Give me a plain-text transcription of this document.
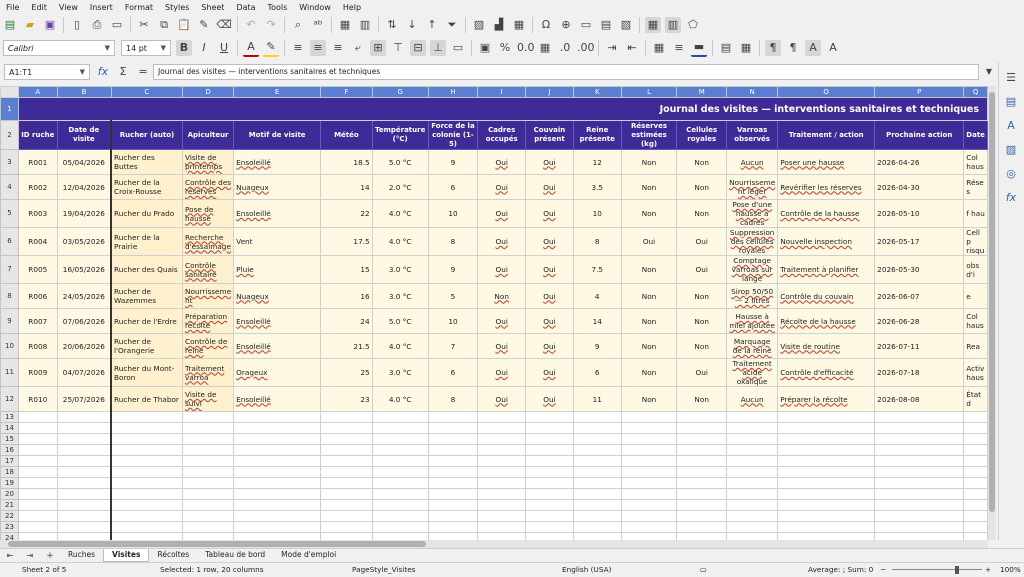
File	Edit	View	Insert	Format	Styles	Sheet	Data	Tools	Window	Help
▤ ▰ ▣	▯	⎙ ▭	✂	⧉ 📋 ✎ ⌫	↶ ↷	⌕	ᵃᵇ	▦ ▥	⇅ ↓ ↑ ⏷	▨ ▟ ▦	Ω	⊕ ▭ ▤ ▧ ▦ ▥ ⬠
Calibri	▼ 14 pt ▼	B	I	U	A	✎	≡ ≡ ≡	⤶	⊞ ⊤ ⊟ ⊥ ▭ ▣ % 0.0 ▦ .0 .00	⇥ ⇤	▦ ≡ ▬ ▤ ▦	¶	¶	A	A
A1:T1	▼ fx	Σ	=	Journal des visites — interventions sanitaires et techniques	▼
	A	B	C	D	E	F	G	H	I	J	K	L	M	N	O	P	Q
1	Journal des visites — interventions sanitaires et techniques																
2	ID ruche	Date de visite	Rucher (auto)	Apiculteur	Motif de visite	Météo	Température (°C)	Force de la colonie (1-5)	Cadres occupés	Couvain présent	Reine présente	Réserves estimées (kg)	Cellules royales	Varroas observés	Traitement / action	Prochaine action	Date
3	R001	05/04/2026	Rucher des Buttes	Visite de printemps	Ensoleillé	18.5	5.0 °C	9	Oui	Oui	12	Non	Non	Aucun	Poser une hausse	2026-04-26	Col haus
4	R002	12/04/2026	Rucher de la Croix-Rousse	Contrôle des réserves	Nuageux	14	2.0 °C	6	Oui	Oui	3.5	Non	Non	Nourrisseme nt léger	Revérifier les réserves	2026-04-30	Rése s
5	R003	19/04/2026	Rucher du Prado	Pose de hausse	Ensoleillé	22	4.0 °C	10	Oui	Oui	10	Non	Non	Pose d'une hausse à cadres	Contrôle de la hausse	2026-05-10	f hau
6	R004	03/05/2026	Rucher de la Prairie	Recherche d'essaimage	Vent	17.5	4.0 °C	8	Oui	Oui	8	Oui	Oui	Suppression des cellules royales	Nouvelle inspection	2026-05-17	Cell p risqu
7	R005	16/05/2026	Rucher des Quais	Contrôle sanitaire	Pluie	15	3.0 °C	9	Oui	Oui	7.5	Non	Oui	Comptage varroas sur lange	Traitement à planifier	2026-05-30	obs d'i
8	R006	24/05/2026	Rucher de Wazemmes	Nourrisseme nt	Nuageux	16	3.0 °C	5	Non	Oui	4	Non	Non	Sirop 50/50 — 2 litres	Contrôle du couvain	2026-06-07	e
9	R007	07/06/2026	Rucher de l'Erdre	Préparation récolte	Ensoleillé	24	5.0 °C	10	Oui	Oui	14	Non	Non	Hausse à miel ajoutée	Récolte de la hausse	2026-06-28	Col haus
10	R008	20/06/2026	Rucher de l'Orangerie	Contrôle de reine	Ensoleillé	21.5	4.0 °C	7	Oui	Oui	9	Non	Non	Marquage de la reine	Visite de routine	2026-07-11	Rea
11	R009	04/07/2026	Rucher du Mont-Boron	Traitement varroa	Orageux	25	3.0 °C	6	Oui	Oui	6	Non	Oui	Traitement acide oxalique	Contrôle d'efficacité	2026-07-18	Activ haus
12	R010	25/07/2026	Rucher de Thabor	Visite de suivi	Ensoleillé	23	4.0 °C	8	Oui	Oui	11	Non	Non	Aucun	Préparer la récolte	2026-08-08	État d
13																	
14																	
15																	
16																	
17																	
18																	
19																	
20																	
21																	
22																	
23																	
24																	
☰
▤
A
▨
◎
fx
⇤	⇥	+	Ruches	Visites	Récoltes	Tableau de bord	Mode d'emploi
Sheet 2 of 5	Selected: 1 row, 20 columns	PageStyle_Visites	English (USA)	▭	Average: ; Sum: 0 −	+ 100%
